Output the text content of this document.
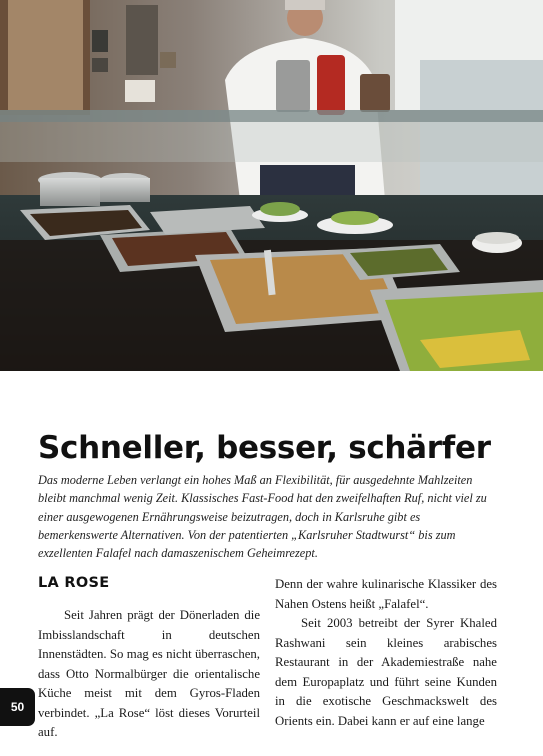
Schneller, besser, schärfer

Das moderne Leben verlangt ein hohes Maß an Flexibilität, für ausgedehnte Mahlzeiten bleibt manchmal wenig Zeit. Klassisches Fast-Food hat den zweifelhaften Ruf, nicht viel zu einer ausgewogenen Ernährungsweise beizutragen, doch in Karlsruhe gibt es bemerkenswerte Alternativen. Von der patentierten „Karlsruher Stadtwurst“ bis zum exzellenten Falafel nach damaszenischem Geheimrezept.

LA ROSE

Seit Jahren prägt der Dönerladen die Imbisslandschaft in deutschen Innenstädten. So mag es nicht überraschen, dass Otto Normalbürger die orientalische Küche meist mit dem Gyros-Fladen verbindet. „La Rose“ löst dieses Vorurteil auf.

Denn der wahre kulinarische Klassiker des Nahen Ostens heißt „Falafel“.

Seit 2003 betreibt der Syrer Khaled Rashwani sein kleines arabisches Restaurant in der Akademiestraße nahe dem Europaplatz und führt seine Kunden in die exotische Geschmackswelt des Orients ein. Dabei kann er auf eine lange

50
